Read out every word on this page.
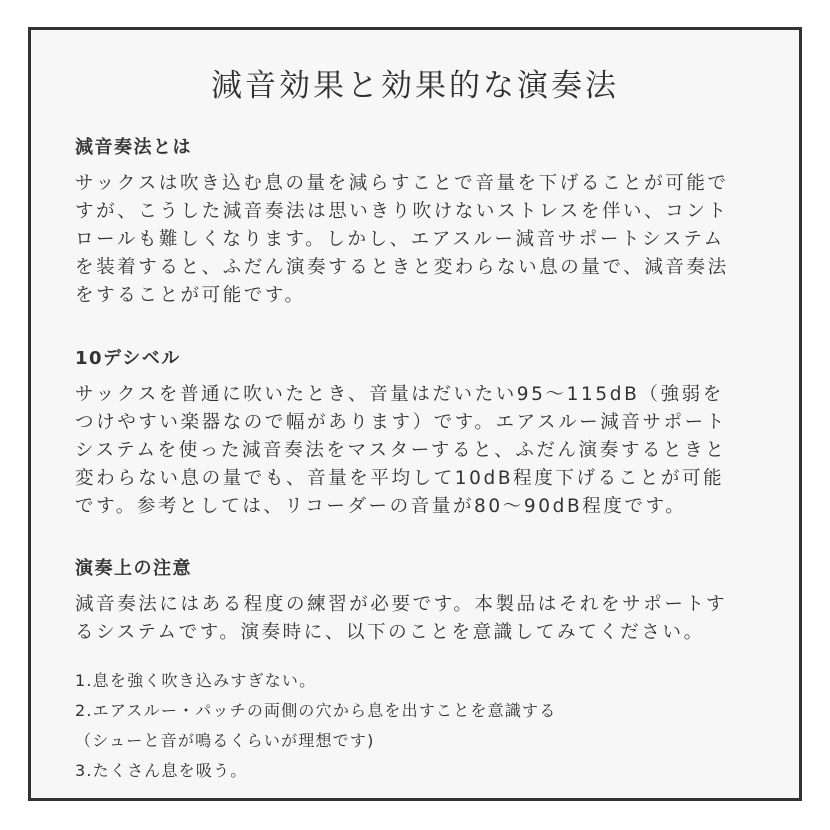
減音効果と効果的な演奏法
減音奏法とは
サックスは吹き込む息の量を減らすことで音量を下げることが可能で
すが、こうした減音奏法は思いきり吹けないストレスを伴い、コント
ロールも難しくなります。しかし、エアスルー減音サポートシステム
を装着すると、ふだん演奏するときと変わらない息の量で、減音奏法
をすることが可能です。
10デシベル
サックスを普通に吹いたとき、音量はだいたい95〜115dB（強弱を
つけやすい楽器なので幅があります）です。エアスルー減音サポート
システムを使った減音奏法をマスターすると、ふだん演奏するときと
変わらない息の量でも、音量を平均して10dB程度下げることが可能
です。参考としては、リコーダーの音量が80〜90dB程度です。
演奏上の注意
減音奏法にはある程度の練習が必要です。本製品はそれをサポートす
るシステムです。演奏時に、以下のことを意識してみてください。
1.息を強く吹き込みすぎない。
2.エアスルー・パッチの両側の穴から息を出すことを意識する
（シューと音が鳴るくらいが理想です)
3.たくさん息を吸う。
